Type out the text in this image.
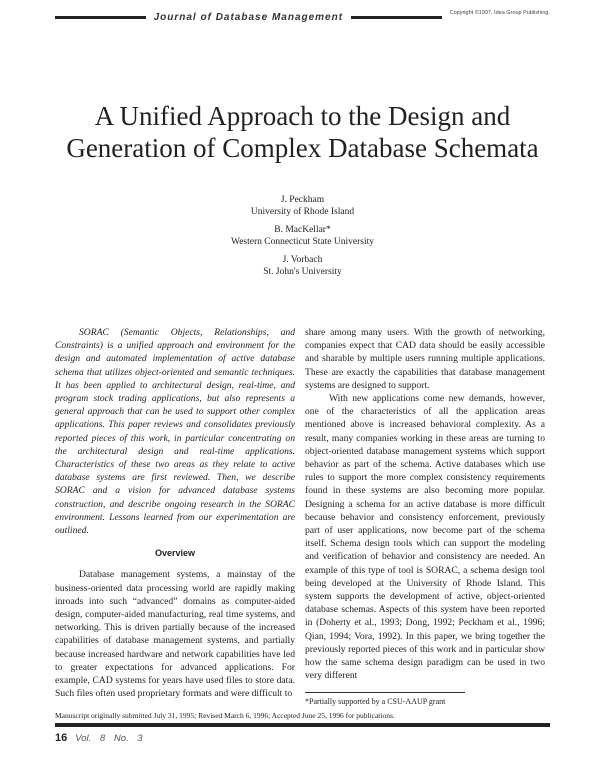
Journal of Database Management	Copyright ©1997, Idea Group Publishing.
A Unified Approach to the Design and Generation of Complex Database Schemata
J. Peckham
University of Rhode Island
B. MacKellar*
Western Connecticut State University
J. Vorbach
St. John's University

SORAC (Semantic Objects, Relationships, and Constraints) is a unified approach and environment for the design and automated implementation of active database schema that utilizes object-oriented and semantic techniques. It has been applied to architectural design, real-time, and program stock trading applications, but also represents a general approach that can be used to support other complex applications. This paper reviews and consolidates previously reported pieces of this work, in particular concentrating on the architectural design and real-time applications. Characteristics of these two areas as they relate to active database systems are first reviewed. Then, we describe SORAC and a vision for advanced database systems construction, and describe ongoing research in the SORAC environment. Lessons learned from our experimentation are outlined.

Overview

Database management systems, a mainstay of the business-oriented data processing world are rapidly making inroads into such “advanced” domains as computer-aided design, computer-aided manufacturing, real time systems, and networking. This is driven partially because of the increased capabilities of database management systems, and partially because increased hardware and network capabilities have led to greater expectations for advanced applications. For example, CAD systems for years have used files to store data. Such files often used proprietary formats and were difficult to

share among many users. With the growth of networking, companies expect that CAD data should be easily accessible and sharable by multiple users running multiple applications. These are exactly the capabilities that database management systems are designed to support.

With new applications come new demands, however, one of the characteristics of all the application areas mentioned above is increased behavioral complexity. As a result, many companies working in these areas are turning to object-oriented database management systems which support behavior as part of the schema. Active databases which use rules to support the more complex consistency requirements found in these systems are also becoming more popular. Designing a schema for an active database is more difficult because behavior and consistency enforcement, previously part of user applications, now become part of the schema itself. Schema design tools which can support the modeling and verification of behavior and consistency are needed. An example of this type of tool is SORAC, a schema design tool being developed at the University of Rhode Island. This system supports the development of active, object-oriented database schemas. Aspects of this system have been reported in (Doherty et al., 1993; Dong, 1992; Peckham et al., 1996; Qian, 1994; Vora, 1992). In this paper, we bring together the previously reported pieces of this work and in particular show how the same schema design paradigm can be used in two very different

*Partially supported by a CSU-AAUP grant
Manuscript originally submitted July 31, 1995; Revised March 6, 1996; Accepted June 25, 1996 for publications.
16 Vol. 8 No. 3
